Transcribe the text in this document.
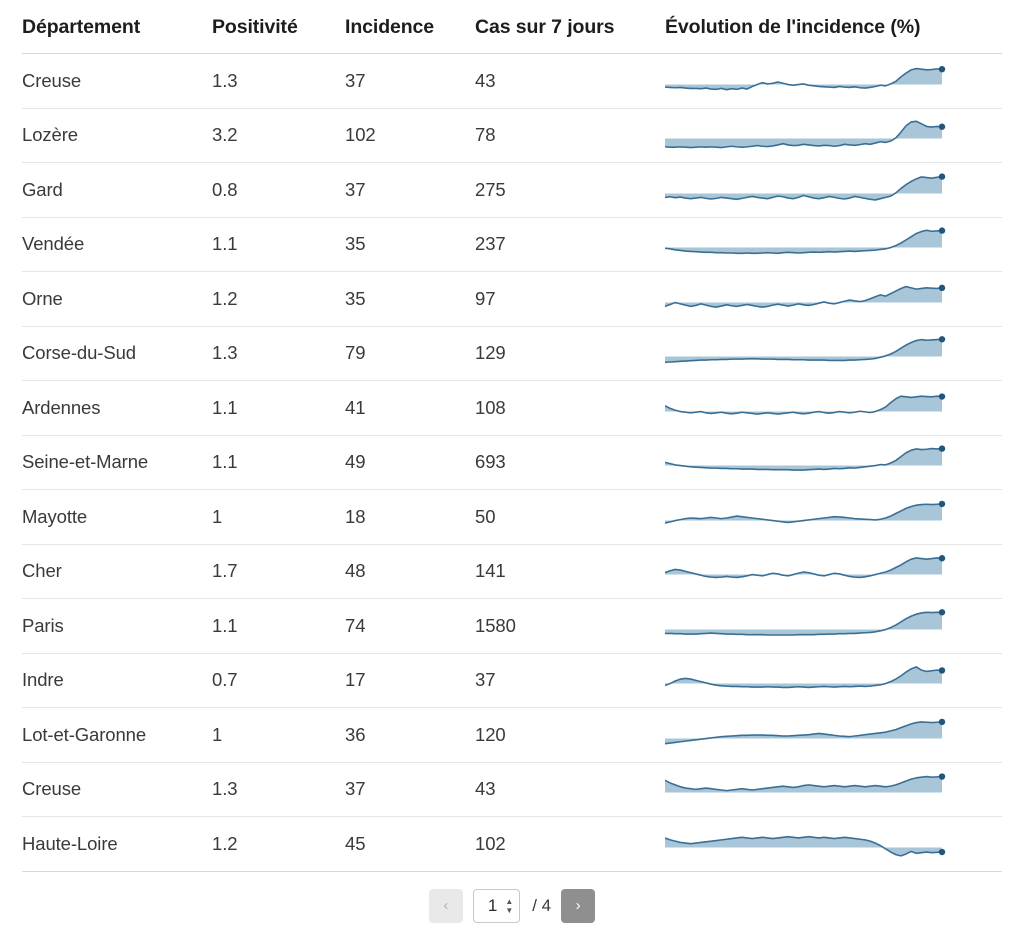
Département	Positivité	Incidence	Cas sur 7 jours	Évolution de l'incidence (%)
Creuse	1.3	37	43	

Lozère	3.2	102	78	

Gard	0.8	37	275	

Vendée	1.1	35	237	

Orne	1.2	35	97	

Corse-du-Sud	1.3	79	129	

Ardennes	1.1	41	108	

Seine-et-Marne	1.1	49	693	

Mayotte	1	18	50	

Cher	1.7	48	141	

Paris	1.1	74	1580	

Indre	0.7	17	37	

Lot-et-Garonne	1	36	120	

Creuse	1.3	37	43	

Haute-Loire	1.2	45	102	
‹	1 ▲
▼ / 4	›
